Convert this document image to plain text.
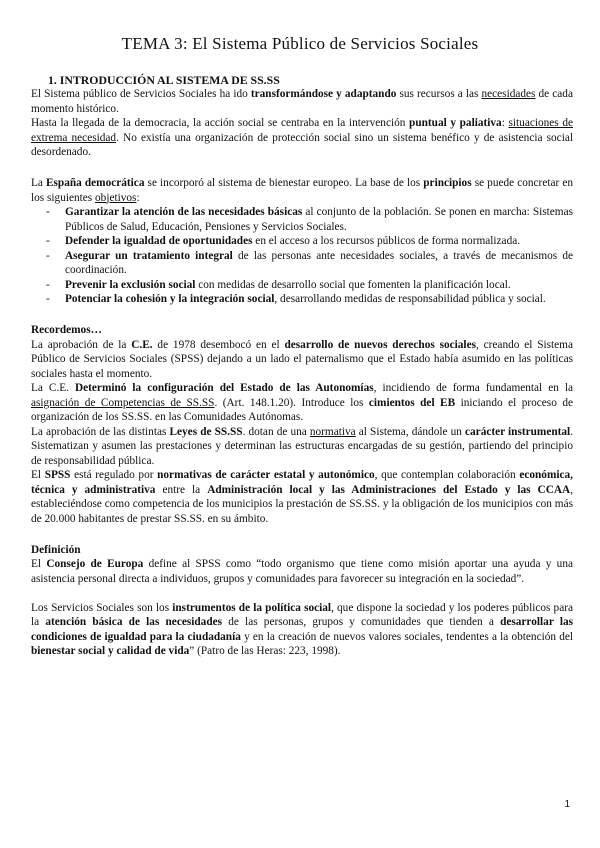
TEMA 3: El Sistema Público de Servicios Sociales
1. INTRODUCCIÓN AL SISTEMA DE SS.SS

El Sistema público de Servicios Sociales ha ido transformándose y adaptando sus recursos a las necesidades de cada momento histórico.

Hasta la llegada de la democracia, la acción social se centraba en la intervención puntual y paliativa: situaciones de extrema necesidad. No existía una organización de protección social sino un sistema benéfico y de asistencia social desordenado.

La España democrática se incorporó al sistema de bienestar europeo. La base de los principios se puede concretar en los siguientes objetivos:

- Garantizar la atención de las necesidades básicas al conjunto de la población. Se ponen en marcha: Sistemas Públicos de Salud, Educación, Pensiones y Servicios Sociales.
- Defender la igualdad de oportunidades en el acceso a los recursos públicos de forma normalizada.
- Asegurar un tratamiento integral de las personas ante necesidades sociales, a través de mecanismos de coordinación.
- Prevenir la exclusión social con medidas de desarrollo social que fomenten la planificación local.
- Potenciar la cohesión y la integración social, desarrollando medidas de responsabilidad pública y social.

Recordemos…

La aprobación de la C.E. de 1978 desembocó en el desarrollo de nuevos derechos sociales, creando el Sistema Público de Servicios Sociales (SPSS) dejando a un lado el paternalismo que el Estado había asumido en las políticas sociales hasta el momento.

La C.E. Determinó la configuración del Estado de las Autonomías, incidiendo de forma fundamental en la asignación de Competencias de SS.SS. (Art. 148.1.20). Introduce los cimientos del EB iniciando el proceso de organización de los SS.SS. en las Comunidades Autónomas.

La aprobación de las distintas Leyes de SS.SS. dotan de una normativa al Sistema, dándole un carácter instrumental. Sistematizan y asumen las prestaciones y determinan las estructuras encargadas de su gestión, partiendo del principio de responsabilidad pública.

El SPSS está regulado por normativas de carácter estatal y autonómico, que contemplan colaboración económica, técnica y administrativa entre la Administración local y las Administraciones del Estado y las CCAA, estableciéndose como competencia de los municipios la prestación de SS.SS. y la obligación de los municipios con más de 20.000 habitantes de prestar SS.SS. en su ámbito.

Definición

El Consejo de Europa define al SPSS como “todo organismo que tiene como misión aportar una ayuda y una asistencia personal directa a individuos, grupos y comunidades para favorecer su integración en la sociedad”.

Los Servicios Sociales son los instrumentos de la política social, que dispone la sociedad y los poderes públicos para la atención básica de las necesidades de las personas, grupos y comunidades que tienden a desarrollar las condiciones de igualdad para la ciudadanía y en la creación de nuevos valores sociales, tendentes a la obtención del bienestar social y calidad de vida” (Patro de las Heras: 223, 1998).

1
